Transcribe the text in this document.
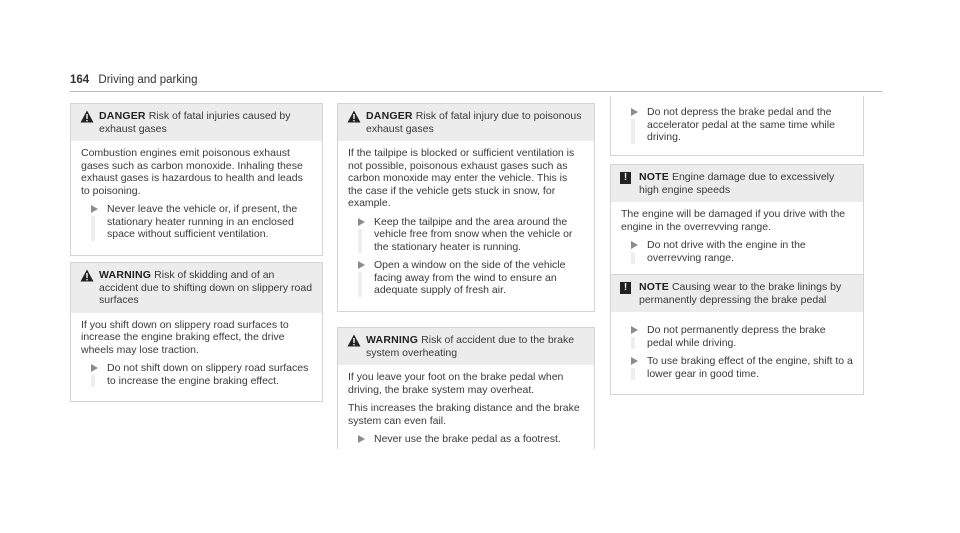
164 Driving and parking
DANGER Risk of fatal injuries caused by exhaust gases

Combustion engines emit poisonous exhaust gases such as carbon monoxide. Inhaling these exhaust gases is hazardous to health and leads to poisoning.

Never leave the vehicle or, if present, the stationary heater running in an enclosed space without sufficient ventilation.
WARNING Risk of skidding and of an accident due to shifting down on slippery road surfaces

If you shift down on slippery road surfaces to increase the engine braking effect, the drive wheels may lose traction.

Do not shift down on slippery road surfaces to increase the engine braking effect.
DANGER Risk of fatal injury due to poisonous exhaust gases

If the tailpipe is blocked or sufficient ventilation is not possible, poisonous exhaust gases such as carbon monoxide may enter the vehicle. This is the case if the vehicle gets stuck in snow, for example.

Keep the tailpipe and the area around the vehicle free from snow when the vehicle or the stationary heater is running.
Open a window on the side of the vehicle facing away from the wind to ensure an adequate supply of fresh air.
WARNING Risk of accident due to the brake system overheating

If you leave your foot on the brake pedal when driving, the brake system may overheat.

This increases the braking distance and the brake system can even fail.

Never use the brake pedal as a footrest.
Do not depress the brake pedal and the accelerator pedal at the same time while driving.
!	NOTE Engine damage due to excessively high engine speeds

The engine will be damaged if you drive with the engine in the overrevving range.

Do not drive with the engine in the overrevving range.
!	NOTE Causing wear to the brake linings by permanently depressing the brake pedal
Do not permanently depress the brake pedal while driving.
To use braking effect of the engine, shift to a lower gear in good time.
